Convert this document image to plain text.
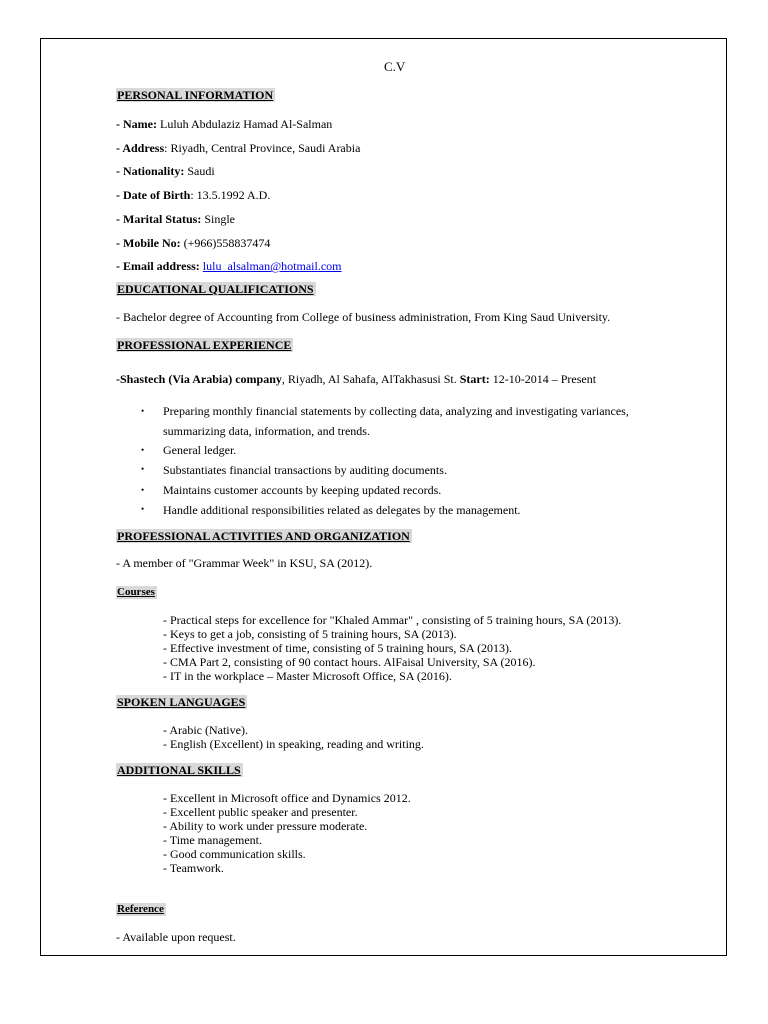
C.V
PERSONAL INFORMATION
- Name: Luluh Abdulaziz Hamad Al-Salman
- Address: Riyadh, Central Province, Saudi Arabia
- Nationality: Saudi
- Date of Birth: 13.5.1992 A.D.
- Marital Status: Single
- Mobile No: (+966)558837474
- Email address: lulu_alsalman@hotmail.com
EDUCATIONAL QUALIFICATIONS
- Bachelor degree of Accounting from College of business administration, From King Saud University.
PROFESSIONAL EXPERIENCE
-Shastech (Via Arabia) company, Riyadh, Al Sahafa, AlTakhasusi St. Start: 12-10-2014 – Present
• Preparing monthly financial statements by collecting data, analyzing and investigating variances,
summarizing data, information, and trends.
• General ledger.
• Substantiates financial transactions by auditing documents.
• Maintains customer accounts by keeping updated records.
• Handle additional responsibilities related as delegates by the management.
PROFESSIONAL ACTIVITIES AND ORGANIZATION
- A member of "Grammar Week" in KSU, SA (2012).
Courses
- Practical steps for excellence for "Khaled Ammar" , consisting of 5 training hours, SA (2013).
- Keys to get a job, consisting of 5 training hours, SA (2013).
- Effective investment of time, consisting of 5 training hours, SA (2013).
- CMA Part 2, consisting of 90 contact hours. AlFaisal University, SA (2016).
- IT in the workplace – Master Microsoft Office, SA (2016).
SPOKEN LANGUAGES
- Arabic (Native).
- English (Excellent) in speaking, reading and writing.
ADDITIONAL SKILLS
- Excellent in Microsoft office and Dynamics 2012.
- Excellent public speaker and presenter.
- Ability to work under pressure moderate.
- Time management.
- Good communication skills.
- Teamwork.
Reference
- Available upon request.
